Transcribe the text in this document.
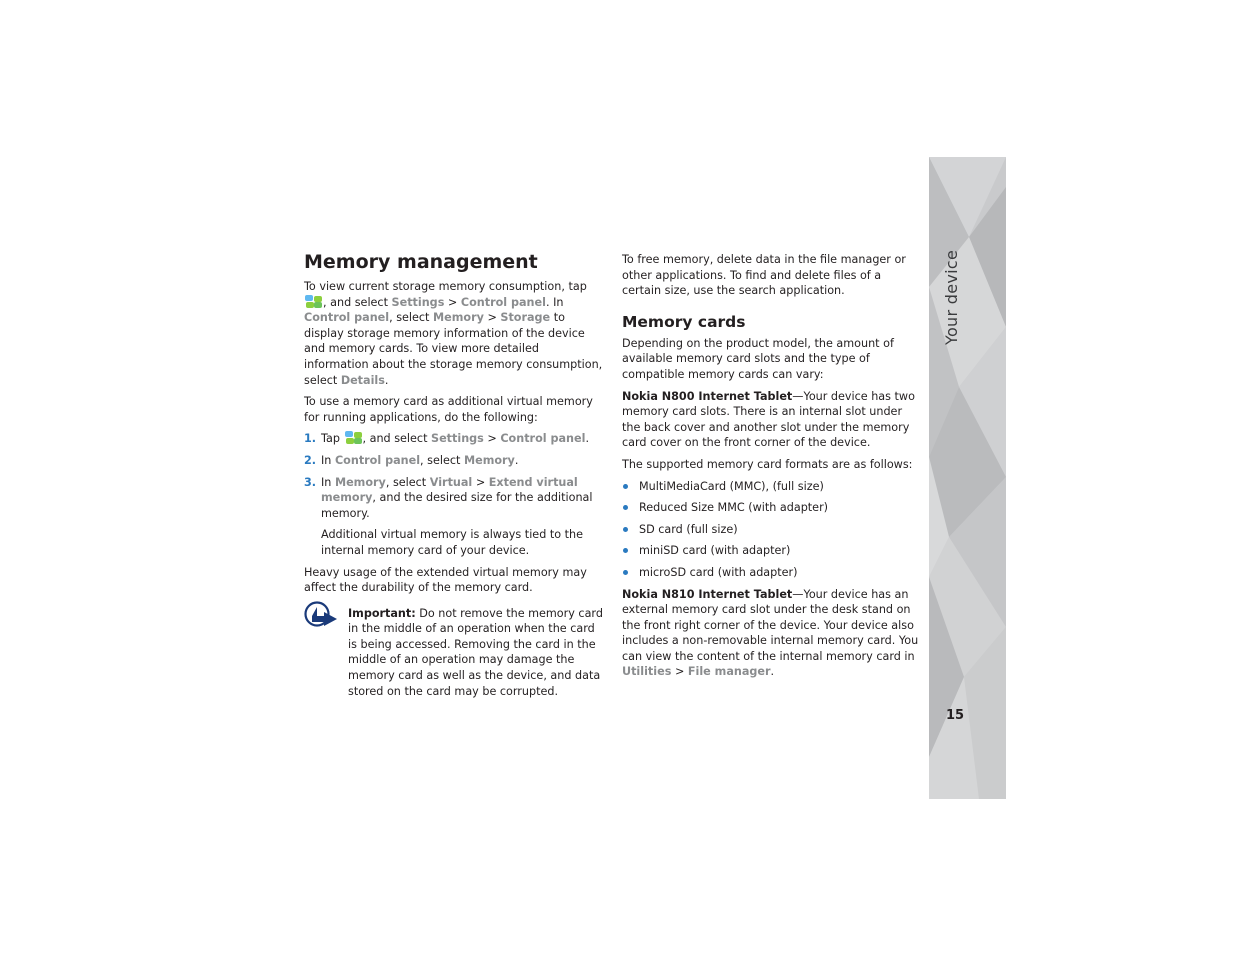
Memory management

To view current storage memory consumption, tap
, and select Settings > Control panel. In Control panel, select Memory > Storage to display storage memory information of the device and memory cards. To view more detailed information about the storage memory consumption, select Details.

To use a memory card as additional virtual memory for running applications, do the following:

1. Tap , and select Settings > Control panel.
2. In Control panel, select Memory.
3. In Memory, select Virtual > Extend virtual memory, and the desired size for the additional memory.

Additional virtual memory is always tied to the internal memory card of your device.

Heavy usage of the extended virtual memory may affect the durability of the memory card.

Important: Do not remove the memory card in the middle of an operation when the card is being accessed. Removing the card in the middle of an operation may damage the memory card as well as the device, and data stored on the card may be corrupted.

To free memory, delete data in the file manager or other applications. To find and delete files of a certain size, use the search application.

Memory cards

Depending on the product model, the amount of available memory card slots and the type of compatible memory cards can vary:

Nokia N800 Internet Tablet—Your device has two memory card slots. There is an internal slot under the back cover and another slot under the memory card cover on the front corner of the device.

The supported memory card formats are as follows:

MultiMediaCard (MMC), (full size)
Reduced Size MMC (with adapter)
SD card (full size)
miniSD card (with adapter)
microSD card (with adapter)

Nokia N810 Internet Tablet—Your device has an external memory card slot under the desk stand on the front right corner of the device. Your device also includes a non-removable internal memory card. You can view the content of the internal memory card in Utilities > File manager.

Your device
15
